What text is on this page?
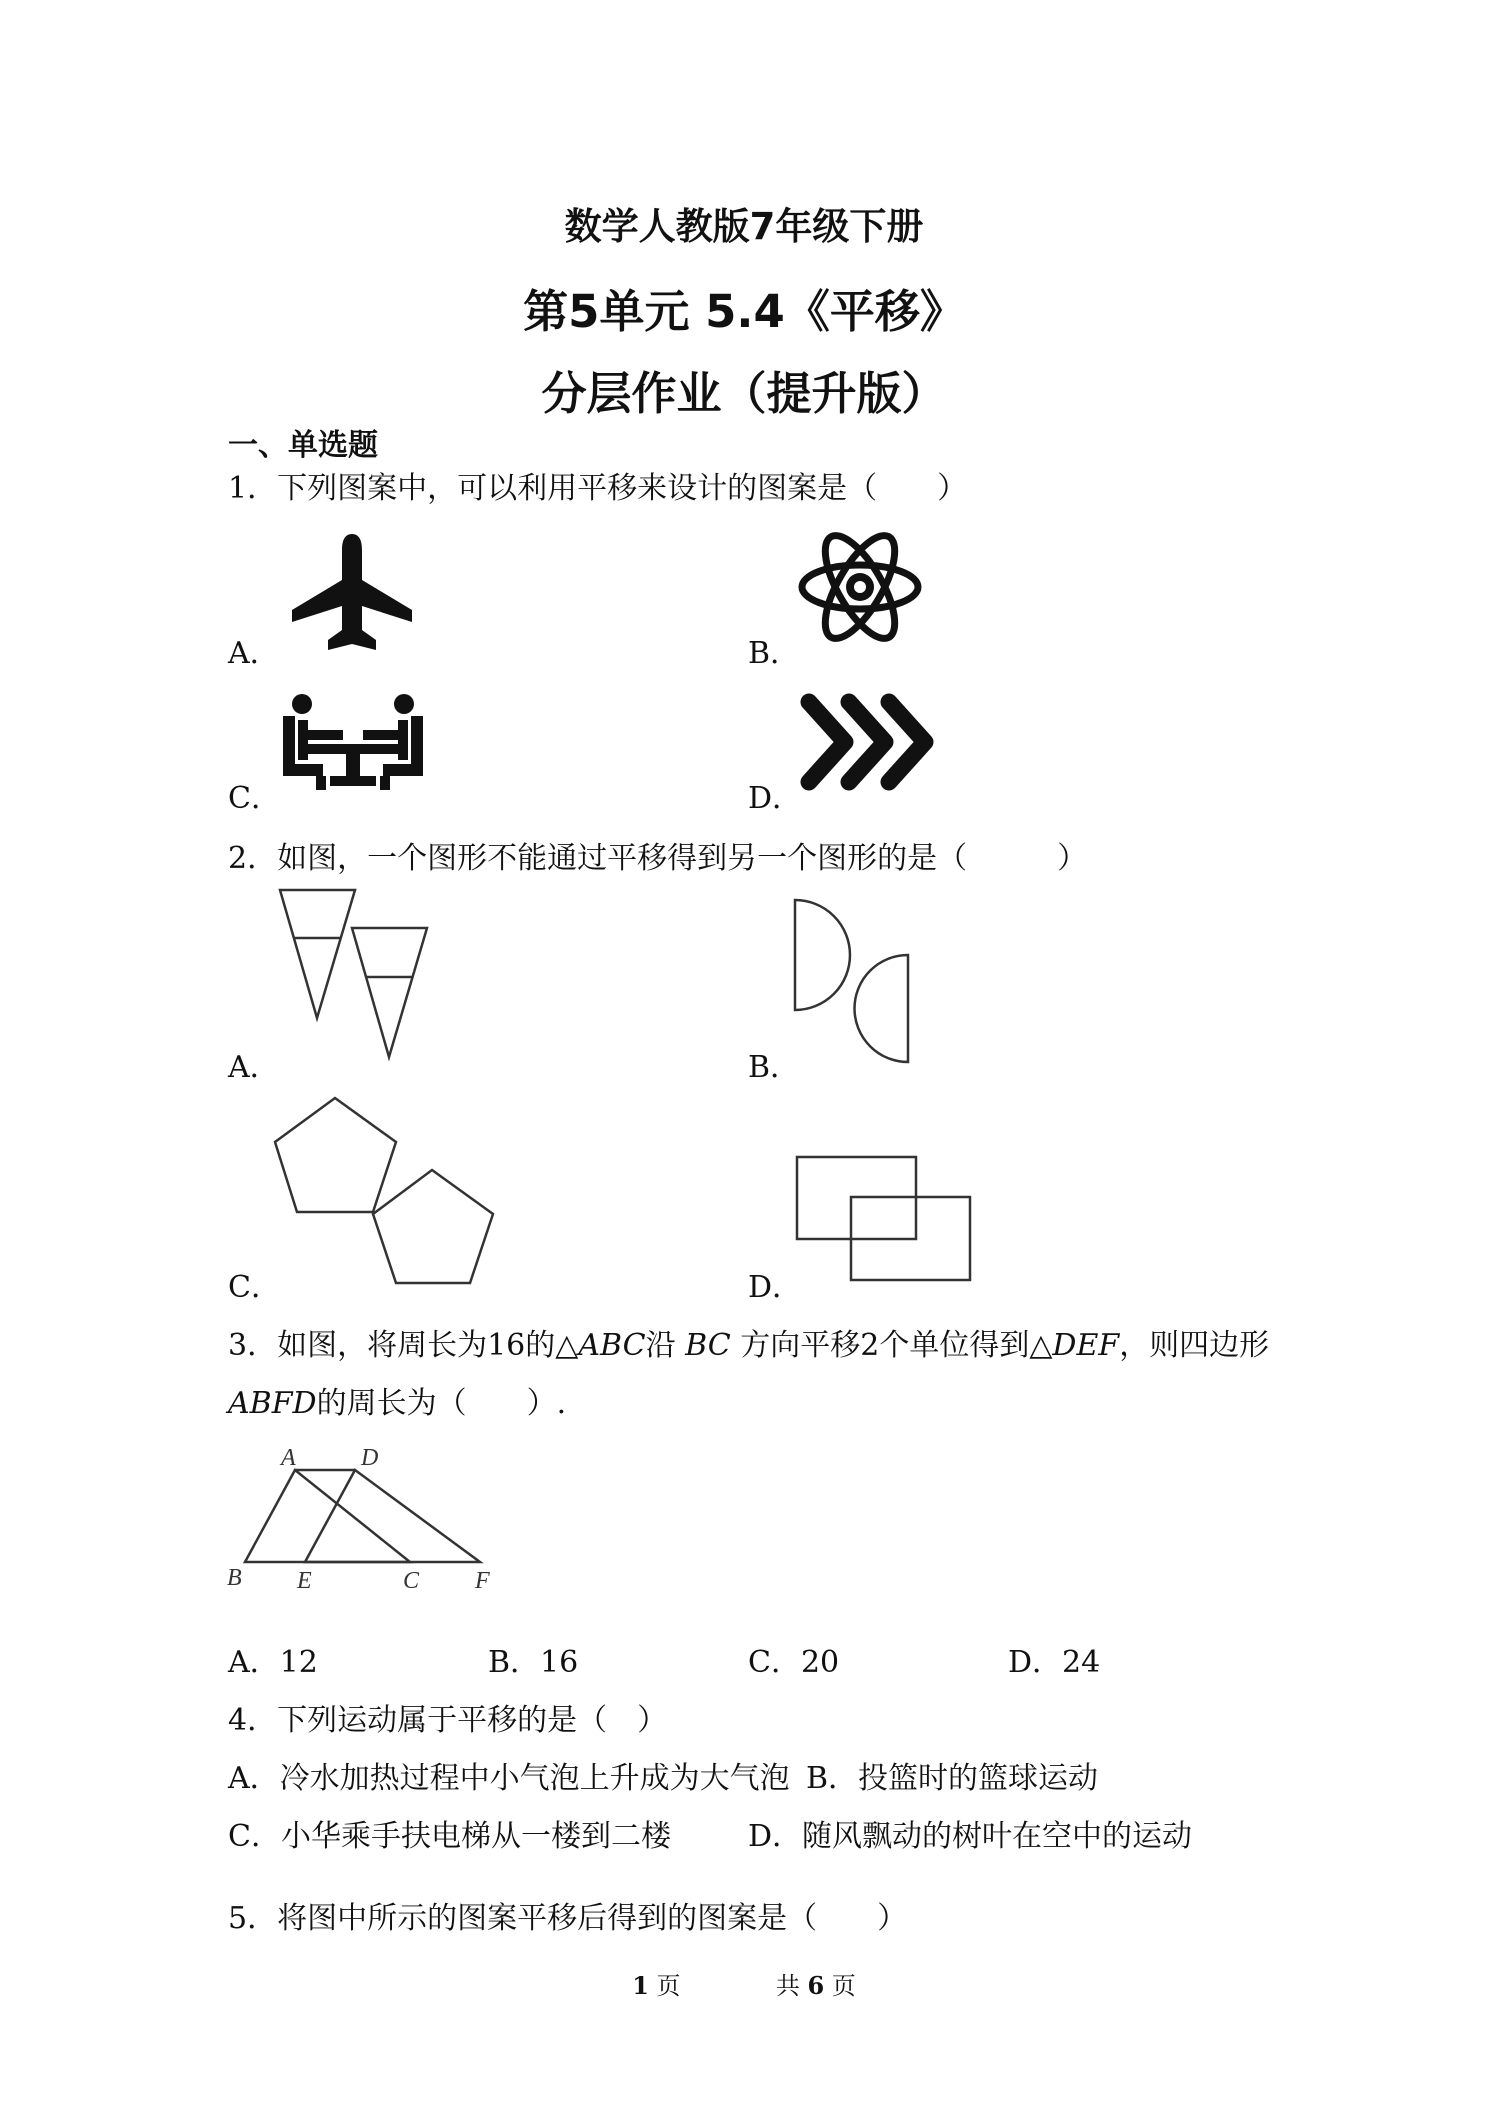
数学人教版7年级下册
第5单元 5.4《平移》
分层作业（提升版）
一、单选题
1．下列图案中，可以利用平移来设计的图案是（　　）
A．	B．
C．	D．
2．如图，一个图形不能通过平移得到另一个图形的是（　　　）
A．	B．
C．	D．
3．如图，将周长为16的△ABC沿 BC 方向平移2个单位得到△DEF，则四边形
ABFD的周长为（　　）.
A	D
B E	C F
A．12	B．16	C．20	D．24
4．下列运动属于平移的是（　）
A．冷水加热过程中小气泡上升成为大气泡 B．投篮时的篮球运动
C．小华乘手扶电梯从一楼到二楼	D．随风飘动的树叶在空中的运动
5．将图中所示的图案平移后得到的图案是（　　）
1 页	共 6 页
